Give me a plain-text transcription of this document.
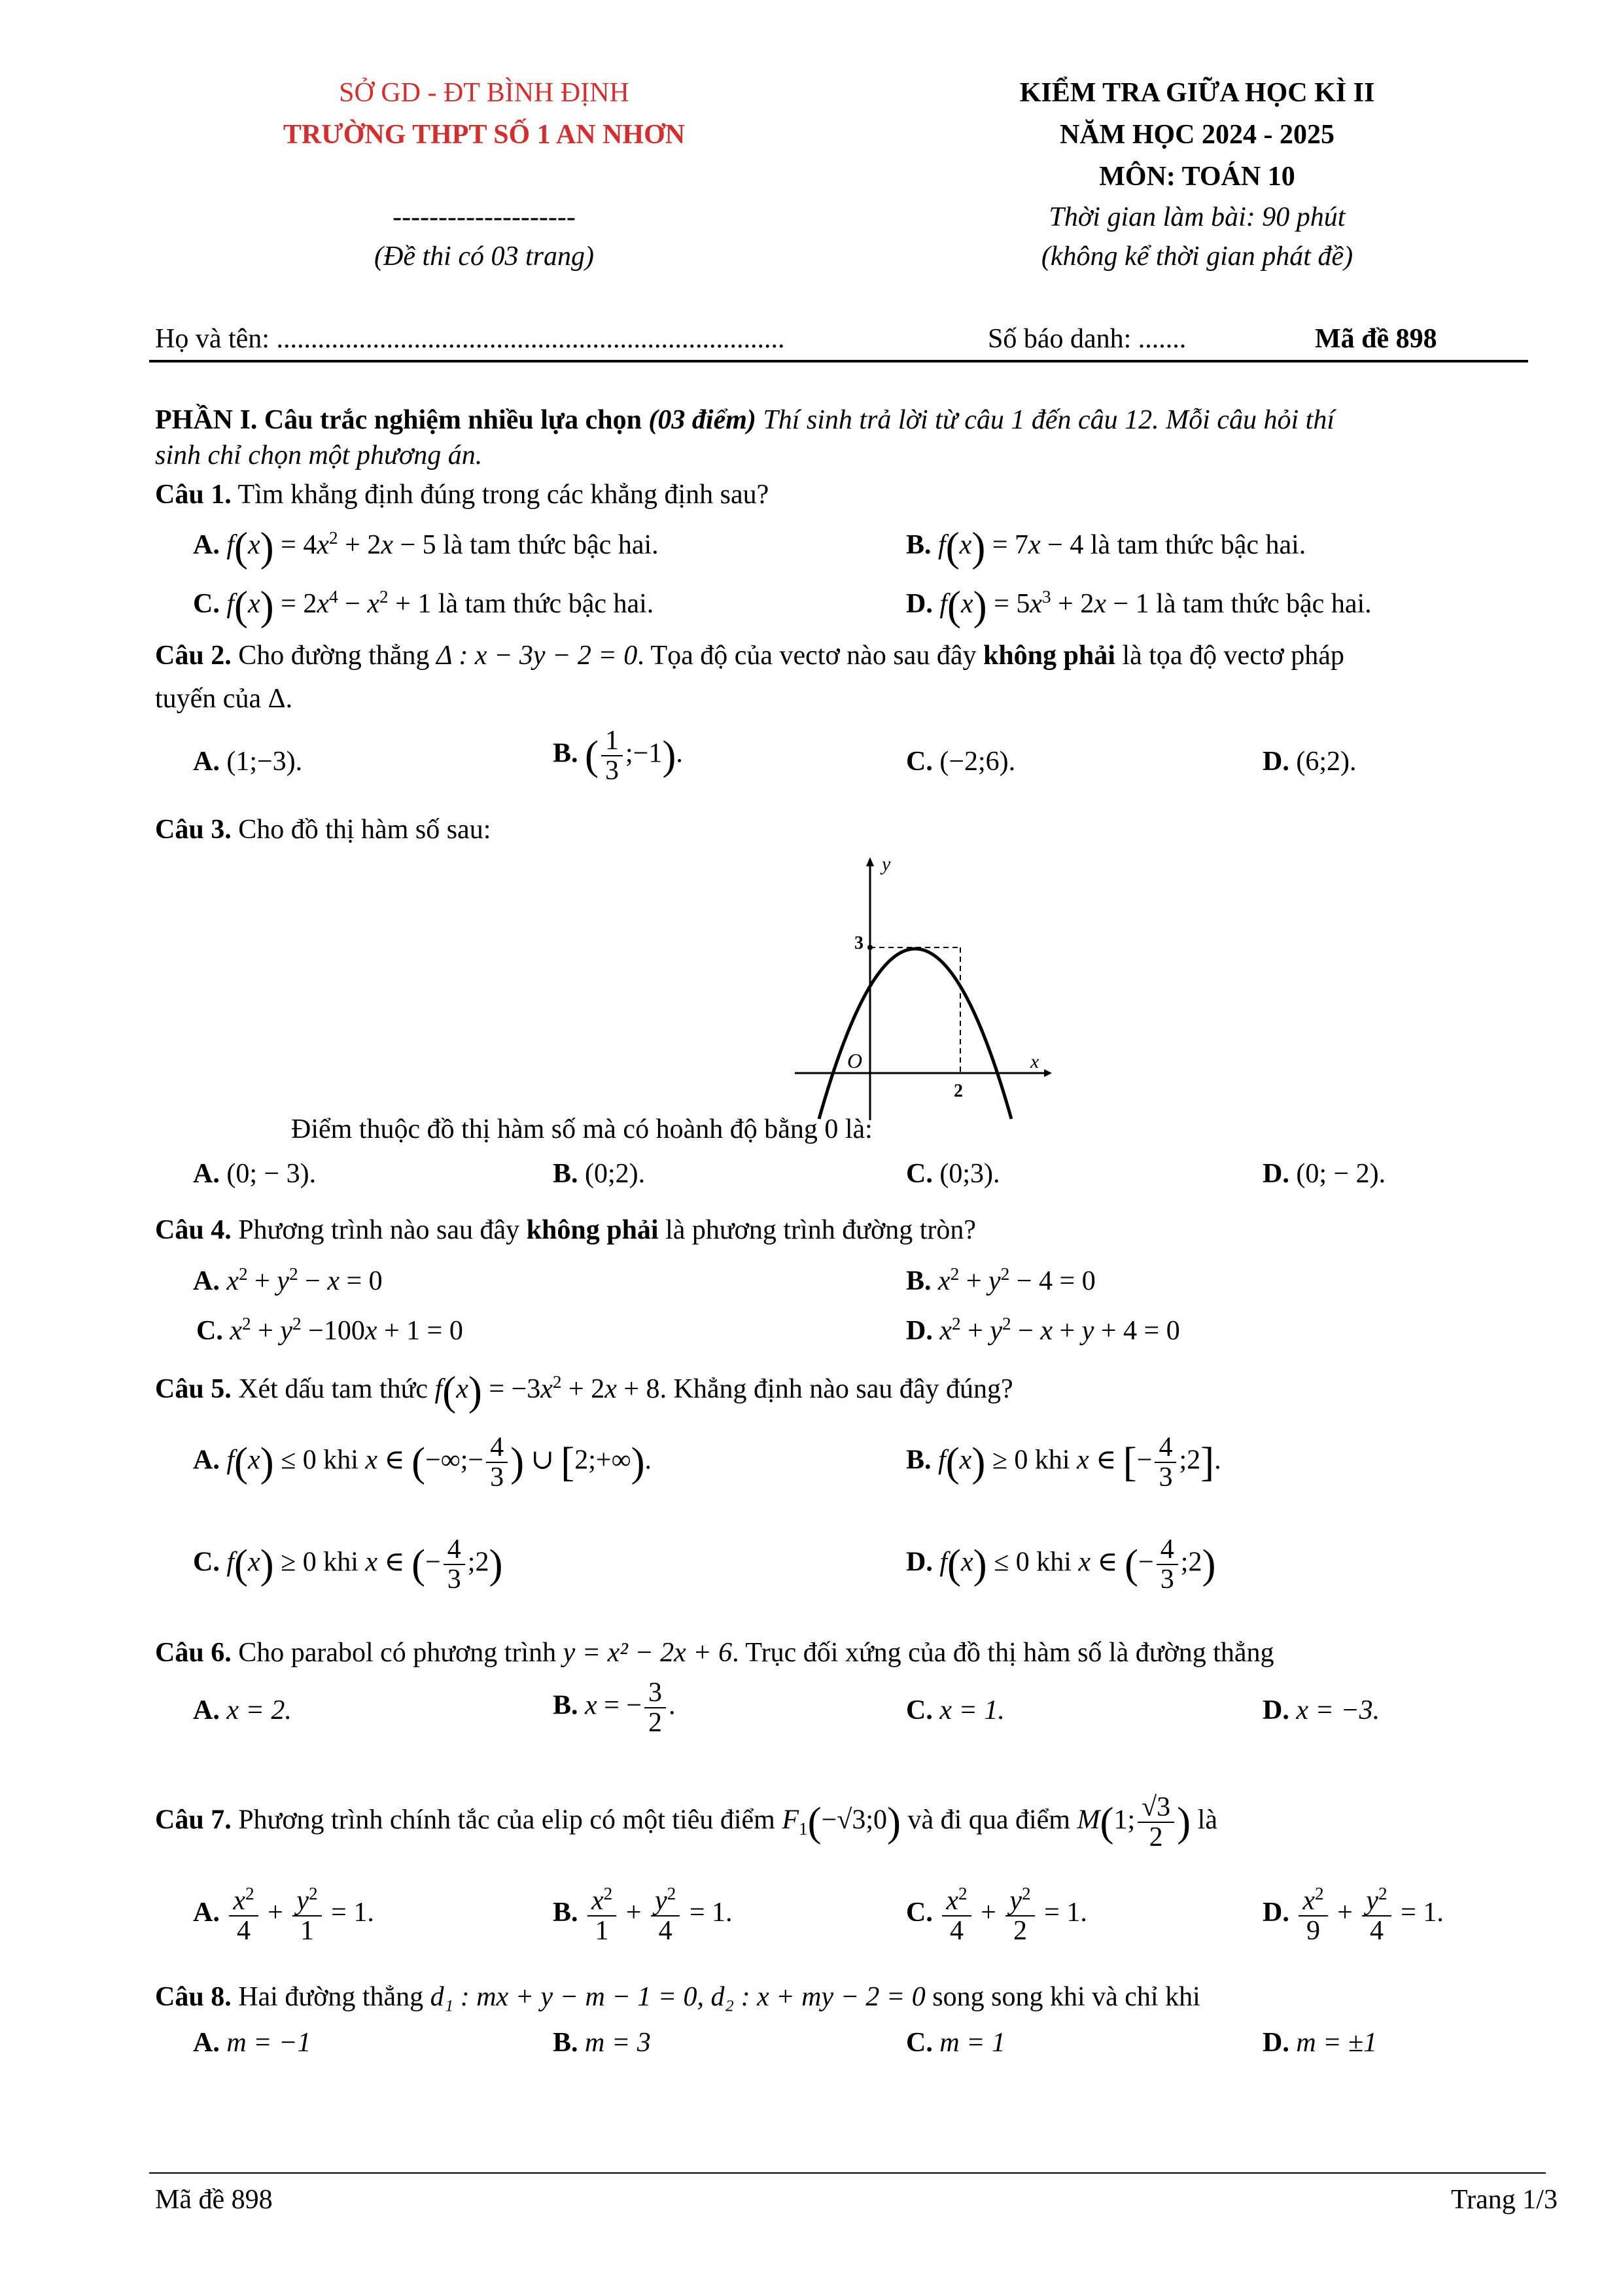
SỞ GD - ĐT BÌNH ĐỊNH
TRƯỜNG THPT SỐ 1 AN NHƠN
--------------------
(Đề thi có 03 trang)
KIỂM TRA GIỮA HỌC KÌ II
NĂM HỌC 2024 - 2025
MÔN: TOÁN 10
Thời gian làm bài: 90 phút
(không kể thời gian phát đề)
Họ và tên: ..........................................................................	Số báo danh: .......	Mã đề 898
PHẦN I. Câu trắc nghiệm nhiều lựa chọn (03 điểm) Thí sinh trả lời từ câu 1 đến câu 12. Mỗi câu hỏi thí
sinh chỉ chọn một phương án.
Câu 1. Tìm khẳng định đúng trong các khẳng định sau?
A. $f(x) = 4x^2 + 2x - 5$ là tam thức bậc hai.	B. f(x) = 7x − 4 là tam thức bậc hai.
C. $f(x) = 2x^4 - x^2 + 1$ là tam thức bậc hai.	D. $f(x) = 5x^3 + 2x - 1$ là tam thức bậc hai.
Câu 2. Cho đường thẳng Δ : x − 3y − 2 = 0. Tọa độ của vectơ nào sau đây không phải là tọa độ vectơ pháp
tuyến của Δ.
A. (1;−3).	B. ( $\frac{1}{3}$ ;−1).	C. (−2;6).	D. (6;2).
Câu 3. Cho đồ thị hàm số sau:
y
x
O
3
2
Điểm thuộc đồ thị hàm số mà có hoành độ bằng 0 là:
A. (0; − 3).	B. (0;2).	C. (0;3).	D. (0; − 2).
Câu 4. Phương trình nào sau đây không phải là phương trình đường tròn?
A. $x^2 + y^2 - x = 0$	B. $x^2 + y^2 - 4 = 0$
C. $x^2 + y^2 -100x + 1 = 0$	D. $x^2 + y^2 - x + y + 4 = 0$
Câu 5. Xét dấu tam thức $f(x) = -3x^2 + 2x + 8$. Khẳng định nào sau đây đúng?
A. f(x) ≤ 0 khi x ∈ (−∞;− $\frac{4}{3}$ ) ∪ [2;+∞).	B. f(x) ≥ 0 khi x ∈ [− $\frac{4}{3}$ ;2].
C. f(x) ≥ 0 khi x ∈ (− $\frac{4}{3}$ ;2)	D. f(x) ≤ 0 khi x ∈ (− $\frac{4}{3}$ ;2)
Câu 6. Cho parabol có phương trình y = x² − 2x + 6. Trục đối xứng của đồ thị hàm số là đường thẳng
A. x = 2.	B. x = − $\frac{3}{2}$ .	C. x = 1.	D. x = −3.
Câu 7. Phương trình chính tắc của elip có một tiêu điểm $F_1(-√3;0)$ và đi qua điểm M(1; $\frac{√3}{2}$ ) là
A. $\frac{x^2}{4} + \frac{y^2}{1} = 1$.	B. $\frac{x^2}{1} + \frac{y^2}{4} = 1$.	C. $\frac{x^2}{4} + \frac{y^2}{2} = 1$.	D. $\frac{x^2}{9} + \frac{y^2}{4} = 1$.
Câu 8. Hai đường thẳng d₁ : mx + y − m − 1 = 0, d₂ : x + my − 2 = 0 song song khi và chỉ khi
A. m = −1	B. m = 3	C. m = 1	D. m = ±1
Mã đề 898	Trang 1/3
